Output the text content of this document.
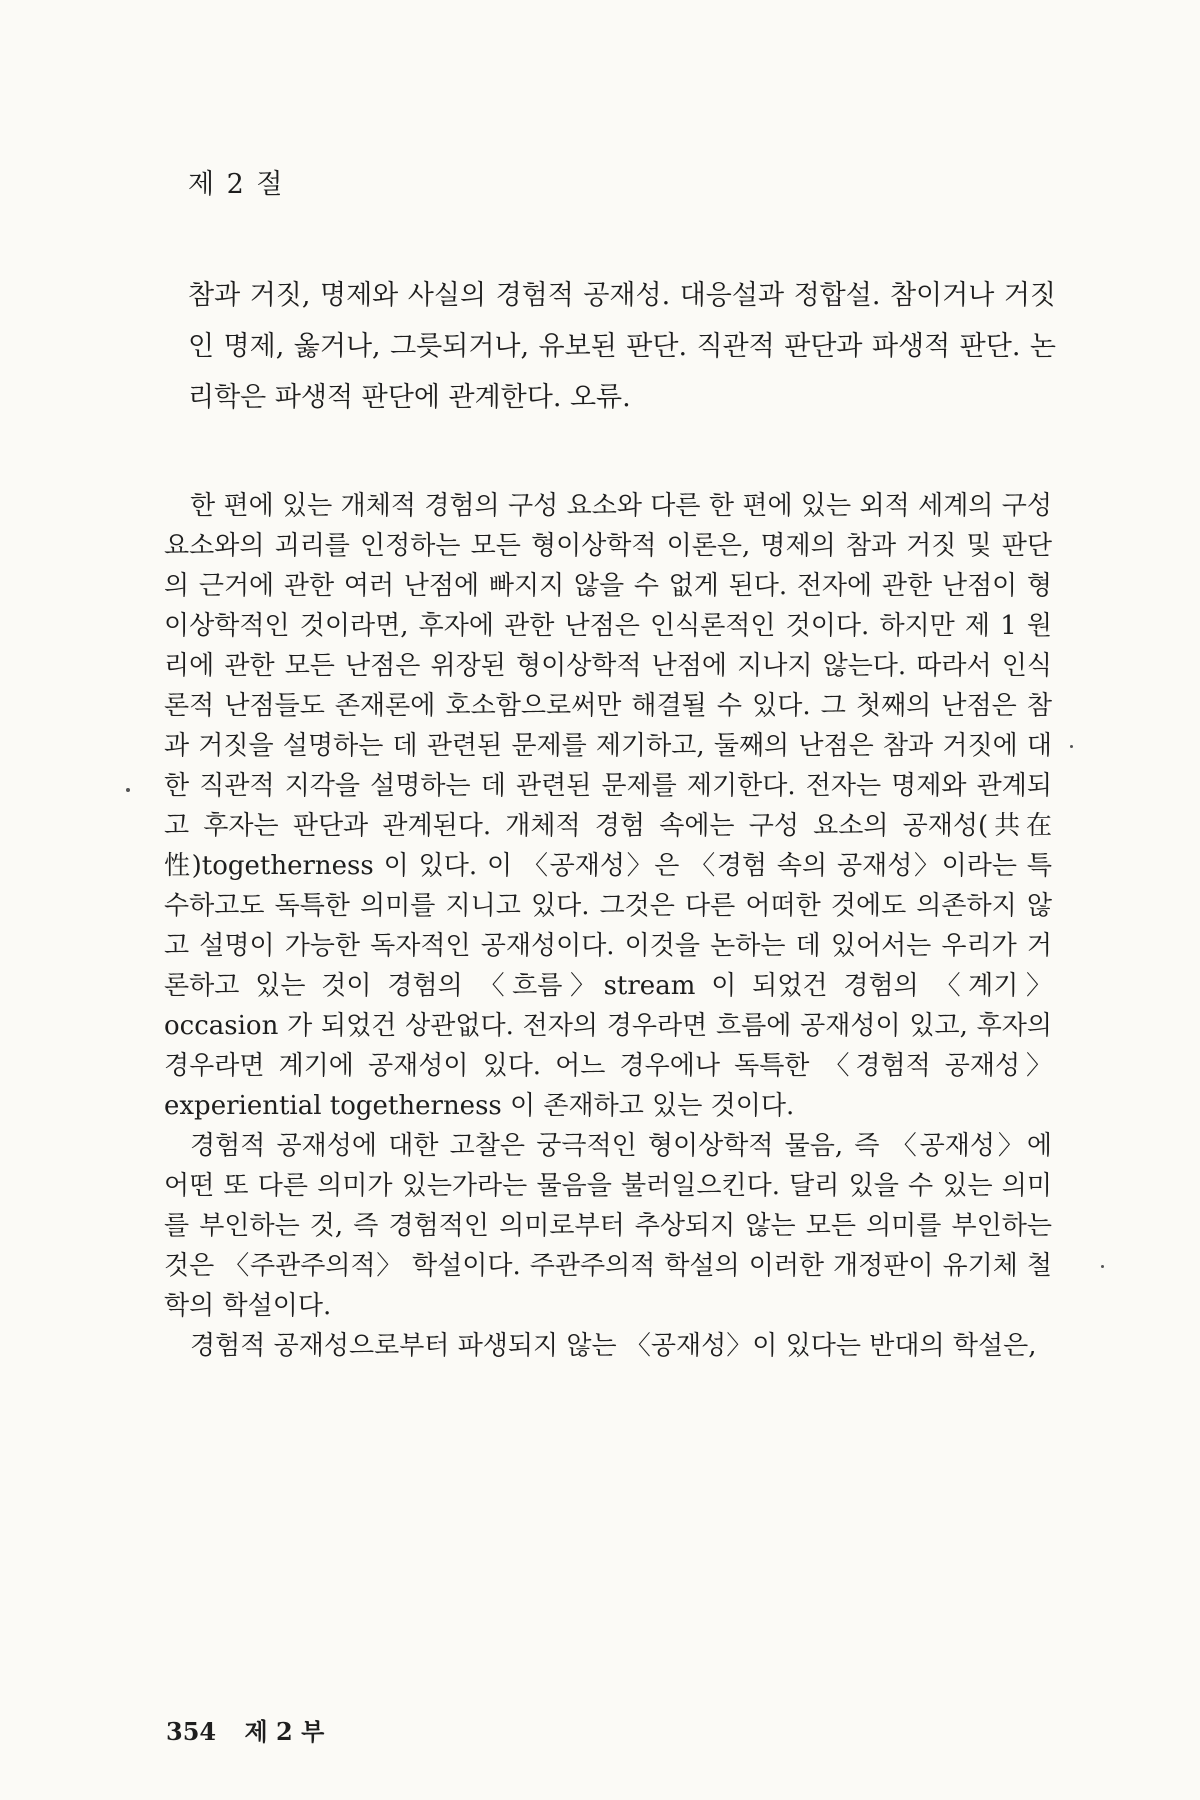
제 2 절
참과 거짓, 명제와 사실의 경험적 공재성. 대응설과 정합설. 참이거나 거짓인 명제, 옳거나, 그릇되거나, 유보된 판단. 직관적 판단과 파생적 판단. 논리학은 파생적 판단에 관계한다. 오류.

한 편에 있는 개체적 경험의 구성 요소와 다른 한 편에 있는 외적 세계의 구성 요소와의 괴리를 인정하는 모든 형이상학적 이론은, 명제의 참과 거짓 및 판단의 근거에 관한 여러 난점에 빠지지 않을 수 없게 된다. 전자에 관한 난점이 형이상학적인 것이라면, 후자에 관한 난점은 인식론적인 것이다. 하지만 제 1 원리에 관한 모든 난점은 위장된 형이상학적 난점에 지나지 않는다. 따라서 인식론적 난점들도 존재론에 호소함으로써만 해결될 수 있다. 그 첫째의 난점은 참과 거짓을 설명하는 데 관련된 문제를 제기하고, 둘째의 난점은 참과 거짓에 대한 직관적 지각을 설명하는 데 관련된 문제를 제기한다. 전자는 명제와 관계되고 후자는 판단과 관계된다. 개체적 경험 속에는 구성 요소의 공재성(共在性)togetherness 이 있다. 이 〈공재성〉은 〈경험 속의 공재성〉이라는 특수하고도 독특한 의미를 지니고 있다. 그것은 다른 어떠한 것에도 의존하지 않고 설명이 가능한 독자적인 공재성이다. 이것을 논하는 데 있어서는 우리가 거론하고 있는 것이 경험의 〈흐름〉stream 이 되었건 경험의 〈계기〉occasion 가 되었건 상관없다. 전자의 경우라면 흐름에 공재성이 있고, 후자의 경우라면 계기에 공재성이 있다. 어느 경우에나 독특한 〈경험적 공재성〉experiential togetherness 이 존재하고 있는 것이다.

경험적 공재성에 대한 고찰은 궁극적인 형이상학적 물음, 즉 〈공재성〉에 어떤 또 다른 의미가 있는가라는 물음을 불러일으킨다. 달리 있을 수 있는 의미를 부인하는 것, 즉 경험적인 의미로부터 추상되지 않는 모든 의미를 부인하는 것은 〈주관주의적〉 학설이다. 주관주의적 학설의 이러한 개정판이 유기체 철학의 학설이다.

경험적 공재성으로부터 파생되지 않는 〈공재성〉이 있다는 반대의 학설은,

354 제 2 부
